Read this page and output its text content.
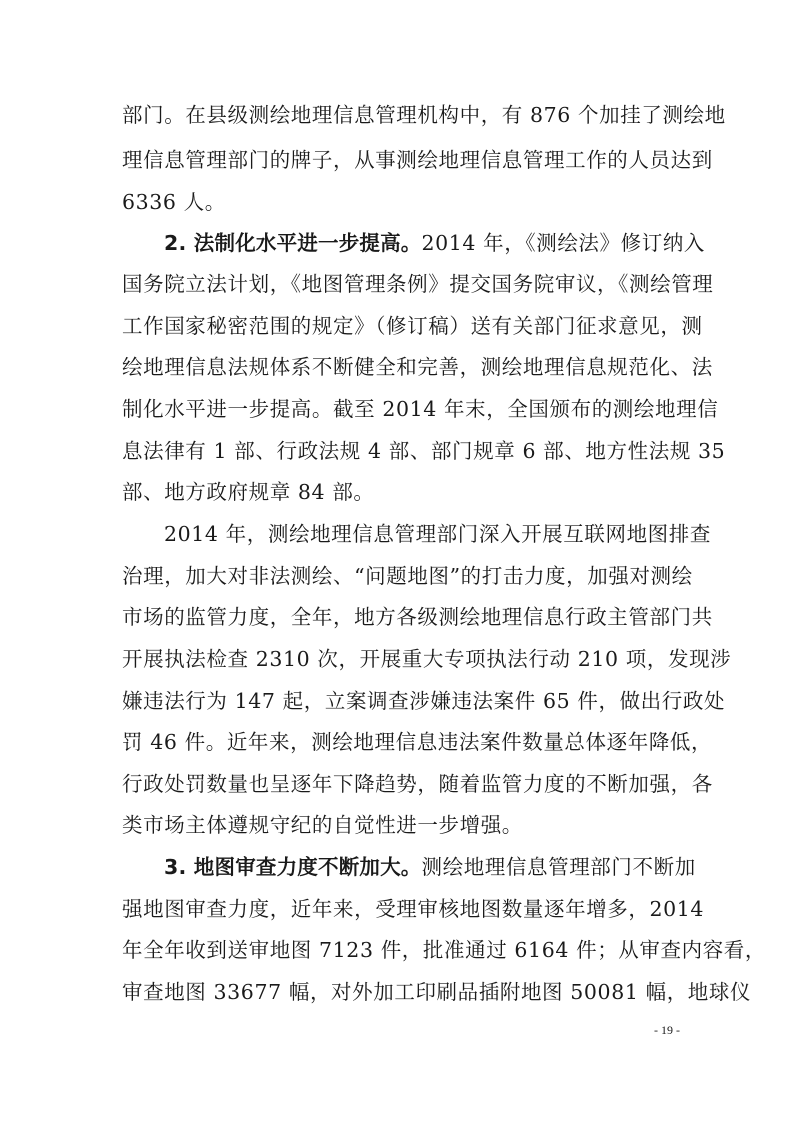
部门。在县级测绘地理信息管理机构中，有 876 个加挂了测绘地
理信息管理部门的牌子，从事测绘地理信息管理工作的人员达到
6336 人。
2. 法制化水平进一步提高。2014 年，《测绘法》修订纳入
国务院立法计划，《地图管理条例》提交国务院审议，《测绘管理
工作国家秘密范围的规定》（修订稿）送有关部门征求意见，测
绘地理信息法规体系不断健全和完善，测绘地理信息规范化、法
制化水平进一步提高。截至 2014 年末，全国颁布的测绘地理信
息法律有 1 部、行政法规 4 部、部门规章 6 部、地方性法规 35
部、地方政府规章 84 部。
2014 年，测绘地理信息管理部门深入开展互联网地图排查
治理，加大对非法测绘、“问题地图”的打击力度，加强对测绘
市场的监管力度，全年，地方各级测绘地理信息行政主管部门共
开展执法检查 2310 次，开展重大专项执法行动 210 项，发现涉
嫌违法行为 147 起，立案调查涉嫌违法案件 65 件，做出行政处
罚 46 件。近年来，测绘地理信息违法案件数量总体逐年降低，
行政处罚数量也呈逐年下降趋势，随着监管力度的不断加强，各
类市场主体遵规守纪的自觉性进一步增强。
3. 地图审查力度不断加大。测绘地理信息管理部门不断加
强地图审查力度，近年来，受理审核地图数量逐年增多，2014
年全年收到送审地图 7123 件，批准通过 6164 件；从审查内容看，
审查地图 33677 幅，对外加工印刷品插附地图 50081 幅，地球仪
- 19 -
